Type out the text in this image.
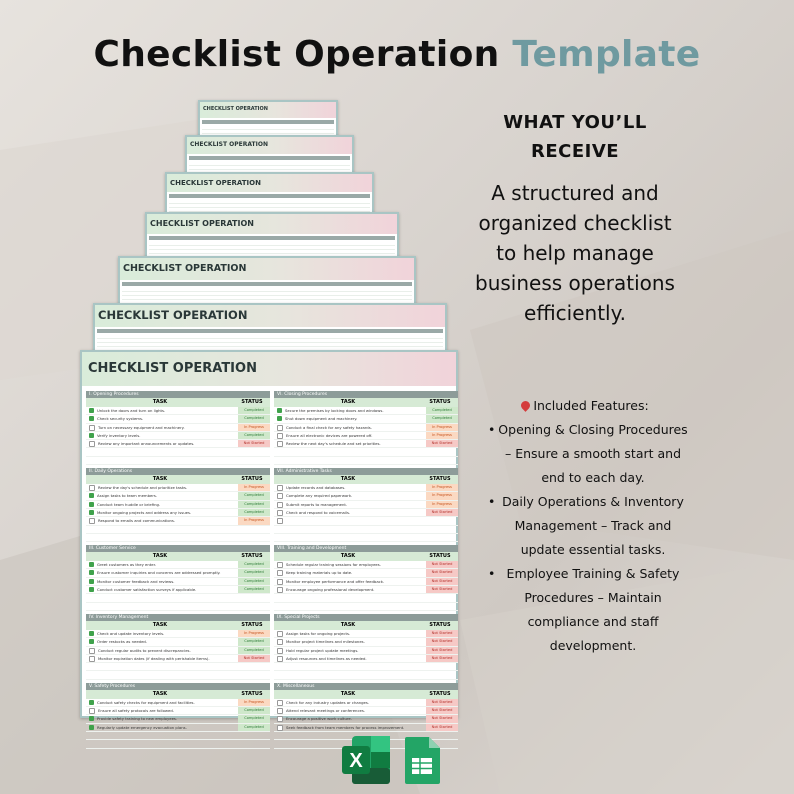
Checklist Operation Template
WHAT YOU’LL RECEIVE
A structured and organized checklist to help manage business operations efficiently.
Included Features:
• Opening & Closing Procedures – Ensure a smooth start and end to each day.
• Daily Operations & Inventory Management – Track and update essential tasks.
• Employee Training & Safety Procedures – Maintain compliance and staff development.
CHECKLIST OPERATION
CHECKLIST OPERATION
CHECKLIST OPERATION
CHECKLIST OPERATION
CHECKLIST OPERATION
CHECKLIST OPERATION
CHECKLIST OPERATION
I. Opening Procedures
TASK	STATUS
Unlock the doors and turn on lights.	Completed
Check security systems.	Completed
Turn on necessary equipment and machinery.	In Progress
Verify inventory levels.	Completed
Review any important announcements or updates.	Not Started
II. Daily Operations
TASK	STATUS
Review the day's schedule and prioritize tasks.	In Progress
Assign tasks to team members.	Completed
Conduct team huddle or briefing.	Completed
Monitor ongoing projects and address any issues.	Completed
Respond to emails and communications.	In Progress
III. Customer Service
TASK	STATUS
Greet customers as they enter.	Completed
Ensure customer inquiries and concerns are addressed promptly.	Completed
Monitor customer feedback and reviews.	Completed
Conduct customer satisfaction surveys if applicable.	Completed
IV. Inventory Management
TASK	STATUS
Check and update inventory levels.	In Progress
Order restocks as needed.	Completed
Conduct regular audits to prevent discrepancies.	Completed
Monitor expiration dates (if dealing with perishable items).	Not Started
V. Safety Procedures
TASK	STATUS
Conduct safety checks for equipment and facilities.	In Progress
Ensure all safety protocols are followed.	Completed
Provide safety training to new employees.	Completed
Regularly update emergency evacuation plans.	Completed
VI. Closing Procedures
TASK	STATUS
Secure the premises by locking doors and windows.	Completed
Shut down equipment and machinery.	Completed
Conduct a final check for any safety hazards.	In Progress
Ensure all electronic devices are powered off.	In Progress
Review the next day's schedule and set priorities.	Not Started
VII. Administrative Tasks
TASK	STATUS
Update records and databases.	In Progress
Complete any required paperwork.	In Progress
Submit reports to management.	In Progress
Check and respond to voicemails.	Not Started
VIII. Training and Development
TASK	STATUS
Schedule regular training sessions for employees.	Not Started
Keep training materials up to date.	Not Started
Monitor employee performance and offer feedback.	Not Started
Encourage ongoing professional development.	Not Started
IX. Special Projects
TASK	STATUS
Assign tasks for ongoing projects.	Not Started
Monitor project timelines and milestones.	Not Started
Hold regular project update meetings.	Not Started
Adjust resources and timelines as needed.	Not Started
X. Miscellaneous
TASK	STATUS
Check for any industry updates or changes.	Not Started
Attend relevant meetings or conferences.	Not Started
Encourage a positive work culture.	Not Started
Seek feedback from team members for process improvement.	Not Started
X
